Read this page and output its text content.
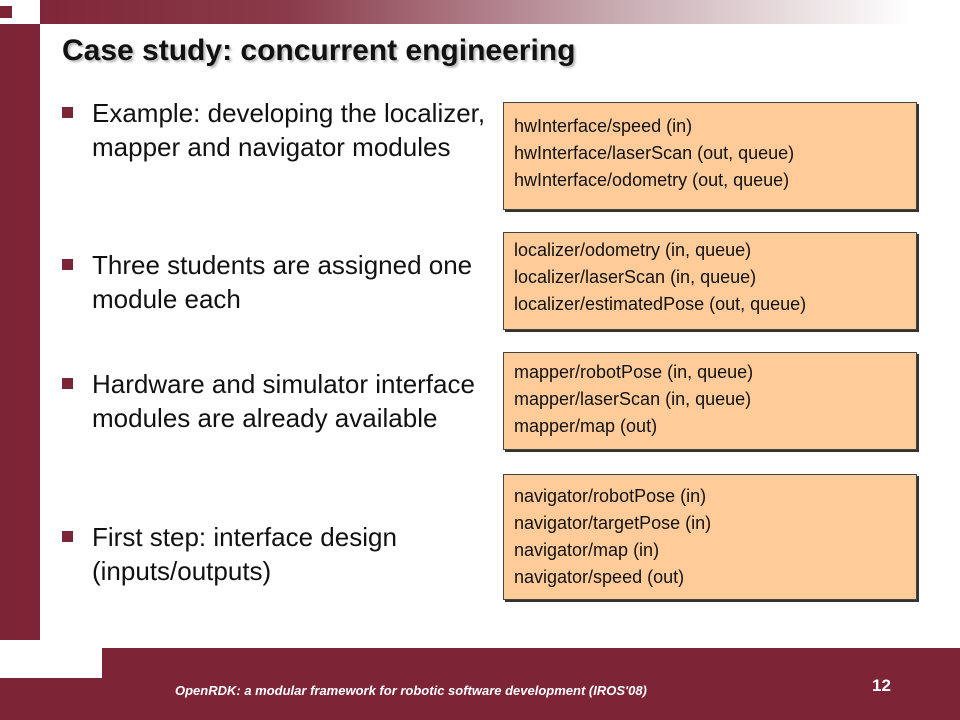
Case study: concurrent engineering
Example: developing the localizer, mapper and navigator modules
Three students are assigned one module each
Hardware and simulator interface modules are already available
First step: interface design (inputs/outputs)
hwInterface/speed (in)
hwInterface/laserScan (out, queue)
hwInterface/odometry (out, queue)
localizer/odometry (in, queue)
localizer/laserScan (in, queue)
localizer/estimatedPose (out, queue)
mapper/robotPose (in, queue)
mapper/laserScan (in, queue)
mapper/map (out)
navigator/robotPose (in)
navigator/targetPose (in)
navigator/map (in)
navigator/speed (out)
OpenRDK: a modular framework for robotic software development (IROS'08)	12
